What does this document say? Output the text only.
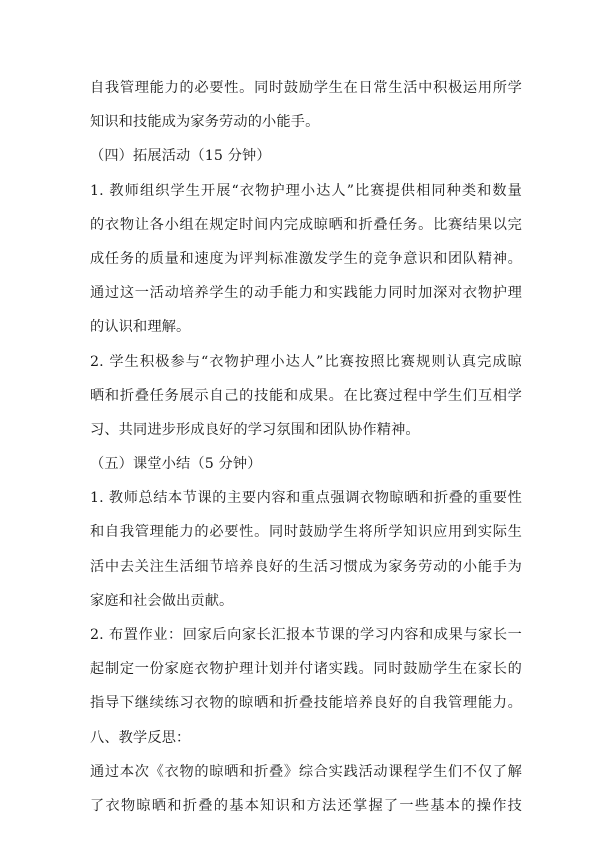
自我管理能力的必要性。同时鼓励学生在日常生活中积极运用所学
知识和技能成为家务劳动的小能手。
（四）拓展活动（15 分钟）
1. 教师组织学生开展“衣物护理小达人”比赛提供相同种类和数量
的衣物让各小组在规定时间内完成晾晒和折叠任务。比赛结果以完
成任务的质量和速度为评判标准激发学生的竞争意识和团队精神。
通过这一活动培养学生的动手能力和实践能力同时加深对衣物护理
的认识和理解。
2. 学生积极参与“衣物护理小达人”比赛按照比赛规则认真完成晾
晒和折叠任务展示自己的技能和成果。在比赛过程中学生们互相学
习、共同进步形成良好的学习氛围和团队协作精神。
（五）课堂小结（5 分钟）
1. 教师总结本节课的主要内容和重点强调衣物晾晒和折叠的重要性
和自我管理能力的必要性。同时鼓励学生将所学知识应用到实际生
活中去关注生活细节培养良好的生活习惯成为家务劳动的小能手为
家庭和社会做出贡献。
2. 布置作业：回家后向家长汇报本节课的学习内容和成果与家长一
起制定一份家庭衣物护理计划并付诸实践。同时鼓励学生在家长的
指导下继续练习衣物的晾晒和折叠技能培养良好的自我管理能力。
八、教学反思：
通过本次《衣物的晾晒和折叠》综合实践活动课程学生们不仅了解
了衣物晾晒和折叠的基本知识和方法还掌握了一些基本的操作技
